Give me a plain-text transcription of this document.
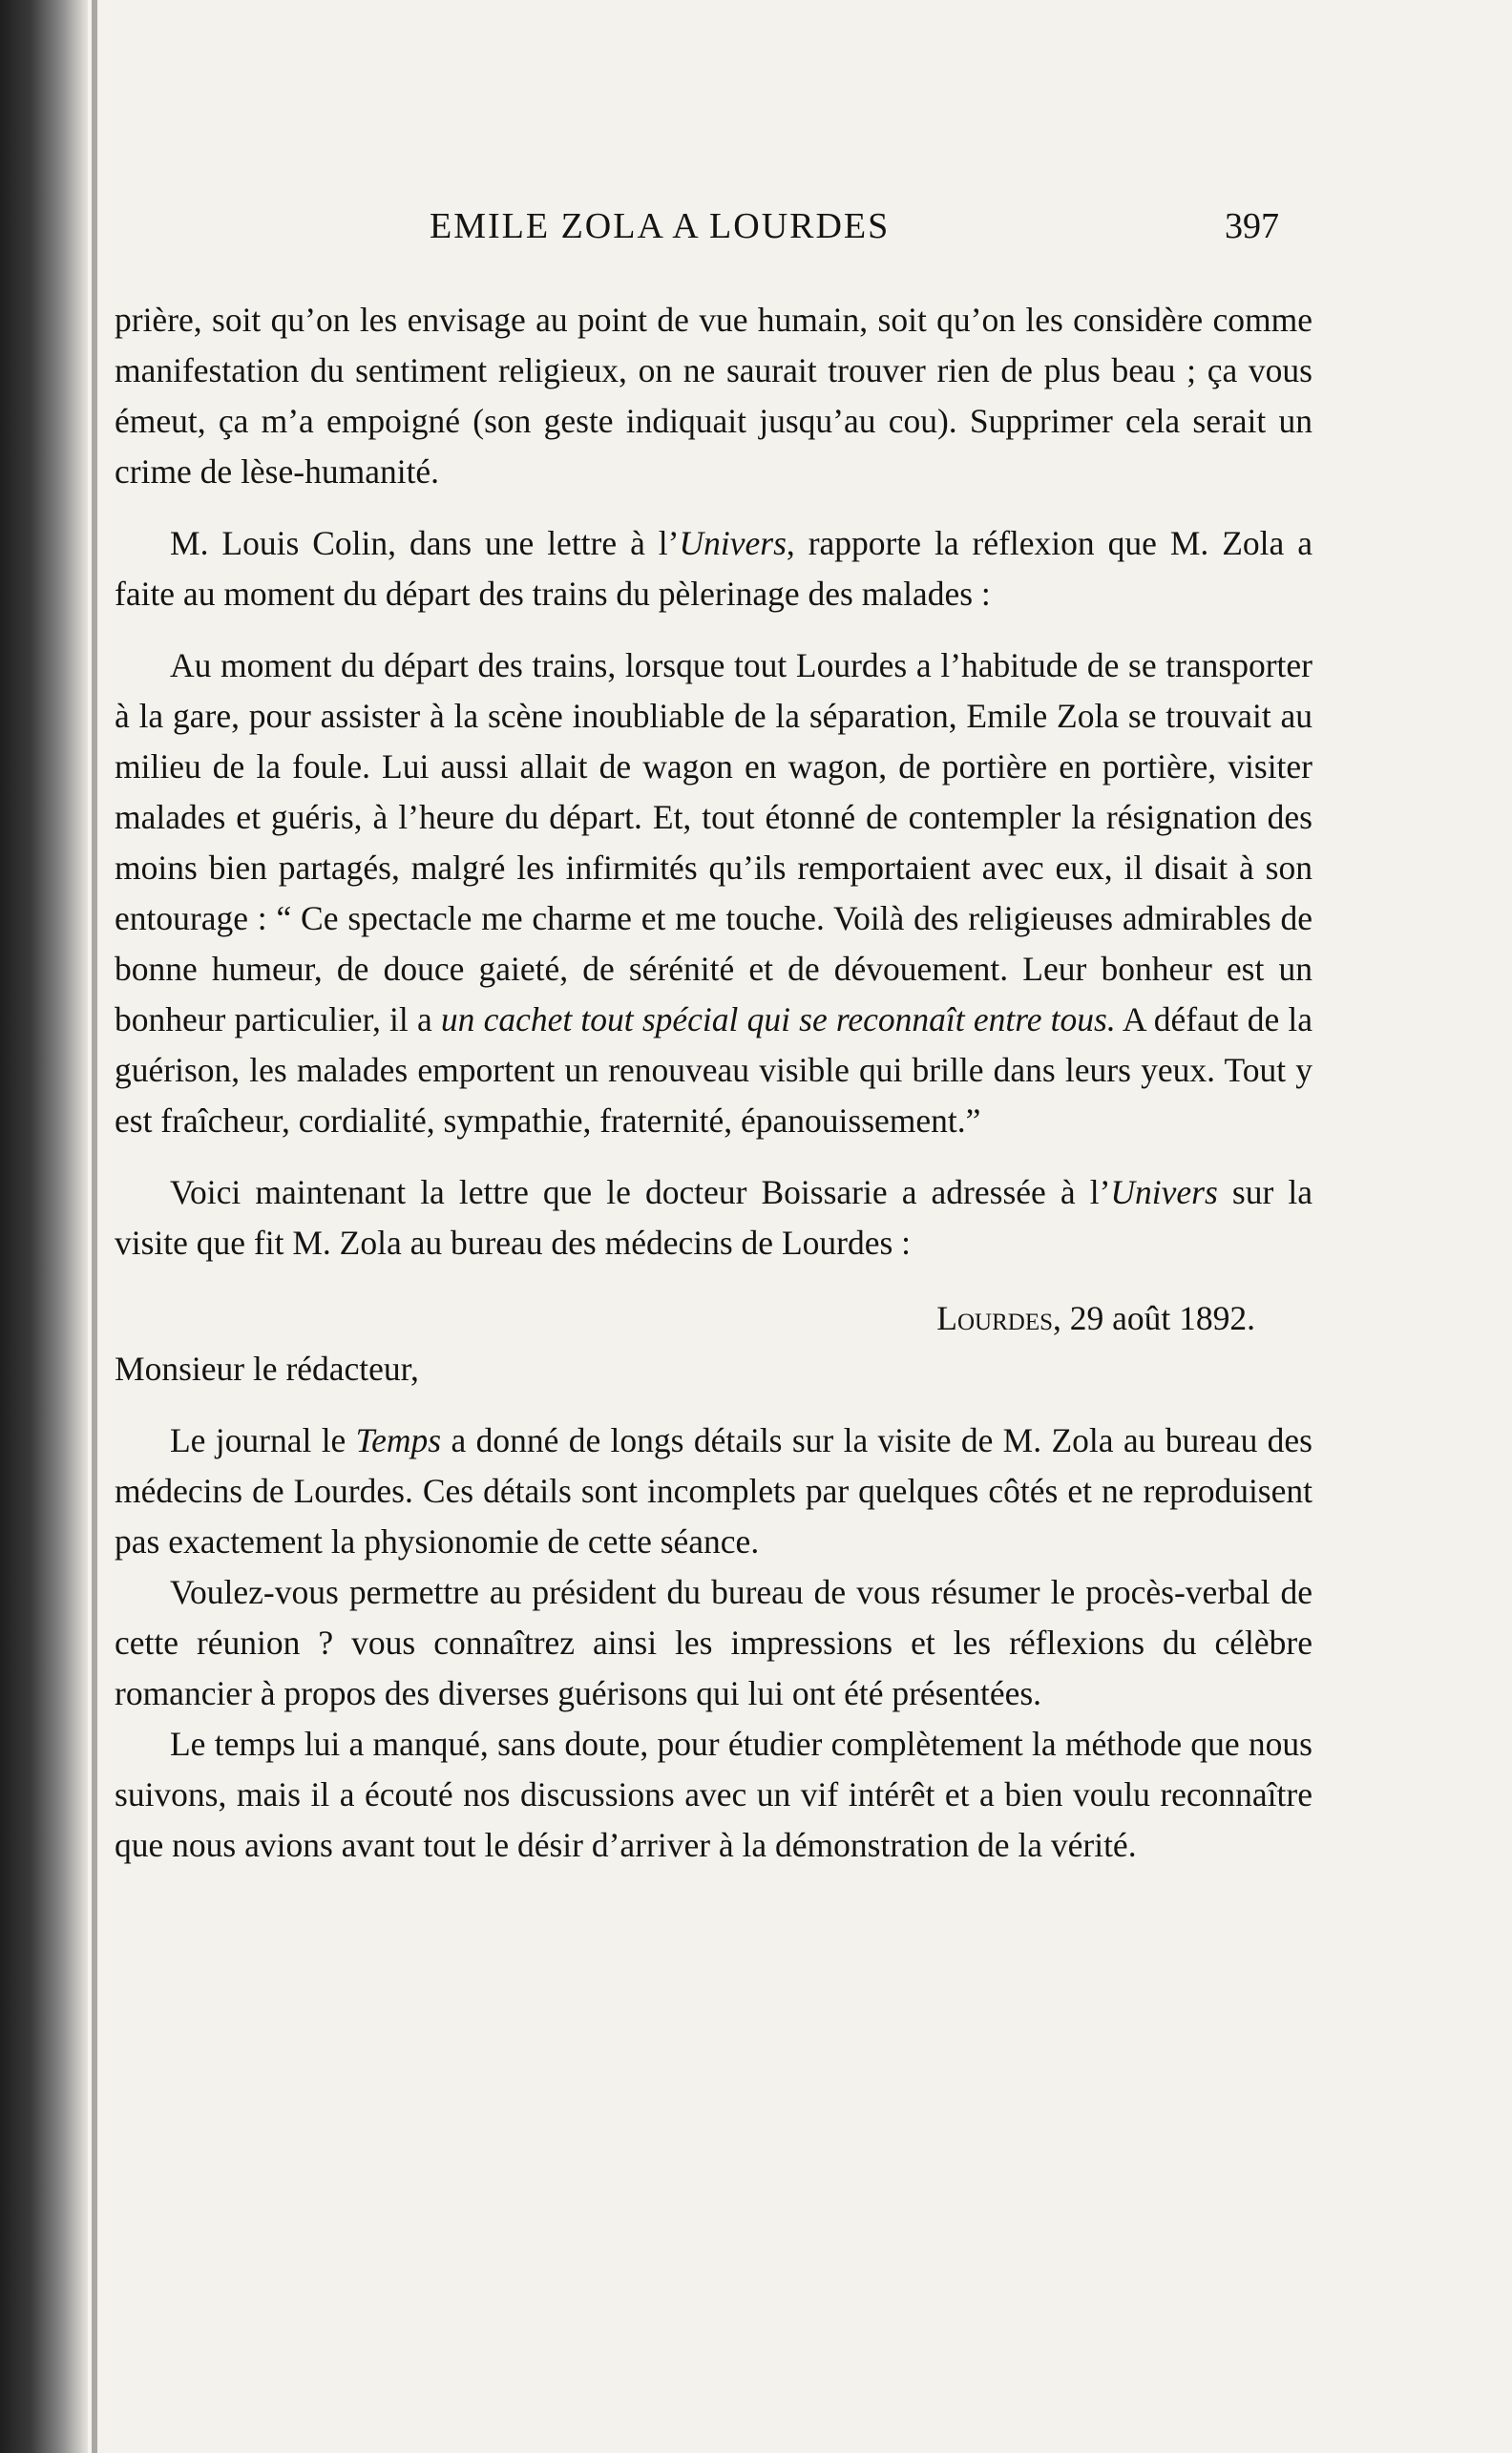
EMILE ZOLA A LOURDES	397

prière, soit qu’on les envisage au point de vue humain, soit qu’on les considère comme manifestation du sentiment religieux, on ne saurait trouver rien de plus beau ; ça vous émeut, ça m’a empoigné (son geste indiquait jusqu’au cou). Supprimer cela serait un crime de lèse-humanité.

M. Louis Colin, dans une lettre à l’Univers, rapporte la réflexion que M. Zola a faite au moment du départ des trains du pèlerinage des malades :

Au moment du départ des trains, lorsque tout Lourdes a l’habitude de se transporter à la gare, pour assister à la scène inoubliable de la séparation, Emile Zola se trouvait au milieu de la foule. Lui aussi allait de wagon en wagon, de portière en portière, visiter malades et guéris, à l’heure du départ. Et, tout étonné de contempler la résignation des moins bien partagés, malgré les infirmités qu’ils remportaient avec eux, il disait à son entourage : “ Ce spectacle me charme et me touche. Voilà des religieuses admirables de bonne humeur, de douce gaieté, de sérénité et de dévouement. Leur bonheur est un bonheur particulier, il a un cachet tout spécial qui se reconnaît entre tous. A défaut de la guérison, les malades emportent un renouveau visible qui brille dans leurs yeux. Tout y est fraîcheur, cordialité, sympathie, fraternité, épanouissement.”

Voici maintenant la lettre que le docteur Boissarie a adressée à l’Univers sur la visite que fit M. Zola au bureau des médecins de Lourdes :

Lourdes, 29 août 1892.

Monsieur le rédacteur,

Le journal le Temps a donné de longs détails sur la visite de M. Zola au bureau des médecins de Lourdes. Ces détails sont incomplets par quelques côtés et ne reproduisent pas exactement la physionomie de cette séance.

Voulez-vous permettre au président du bureau de vous résumer le procès-verbal de cette réunion ? vous connaîtrez ainsi les impressions et les réflexions du célèbre romancier à propos des diverses guérisons qui lui ont été présentées.

Le temps lui a manqué, sans doute, pour étudier complètement la méthode que nous suivons, mais il a écouté nos discussions avec un vif intérêt et a bien voulu reconnaître que nous avions avant tout le désir d’arriver à la démonstration de la vérité.
